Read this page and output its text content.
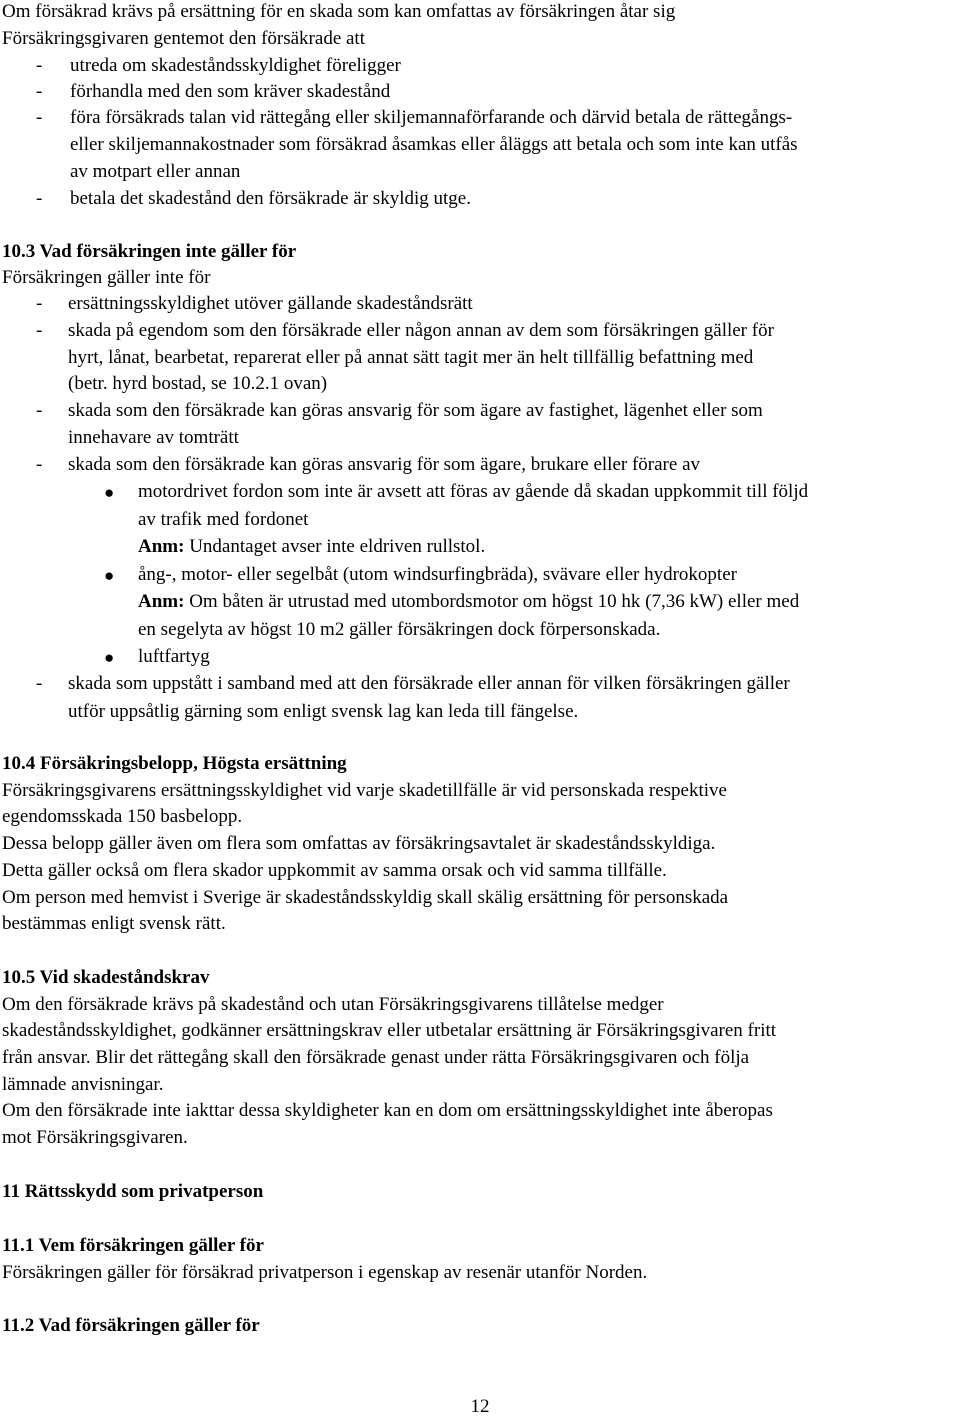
Om försäkrad krävs på ersättning för en skada som kan omfattas av försäkringen åtar sig
Försäkringsgivaren gentemot den försäkrade att
- utreda om skadeståndsskyldighet föreligger
- förhandla med den som kräver skadestånd
- föra försäkrads talan vid rättegång eller skiljemannaförfarande och därvid betala de rättegångs-
eller skiljemannakostnader som försäkrad åsamkas eller åläggs att betala och som inte kan utfås
av motpart eller annan
- betala det skadestånd den försäkrade är skyldig utge.
10.3 Vad försäkringen inte gäller för
Försäkringen gäller inte för
- ersättningsskyldighet utöver gällande skadeståndsrätt
- skada på egendom som den försäkrade eller någon annan av dem som försäkringen gäller för
hyrt, lånat, bearbetat, reparerat eller på annat sätt tagit mer än helt tillfällig befattning med
(betr. hyrd bostad, se 10.2.1 ovan)
- skada som den försäkrade kan göras ansvarig för som ägare av fastighet, lägenhet eller som
innehavare av tomträtt
- skada som den försäkrade kan göras ansvarig för som ägare, brukare eller förare av
● motordrivet fordon som inte är avsett att föras av gående då skadan uppkommit till följd
av trafik med fordonet
Anm: Undantaget avser inte eldriven rullstol.
● ång-, motor- eller segelbåt (utom windsurfingbräda), svävare eller hydrokopter
Anm: Om båten är utrustad med utombordsmotor om högst 10 hk (7,36 kW) eller med
en segelyta av högst 10 m2 gäller försäkringen dock förpersonskada.
● luftfartyg
- skada som uppstått i samband med att den försäkrade eller annan för vilken försäkringen gäller
utför uppsåtlig gärning som enligt svensk lag kan leda till fängelse.
10.4 Försäkringsbelopp, Högsta ersättning
Försäkringsgivarens ersättningsskyldighet vid varje skadetillfälle är vid personskada respektive
egendomsskada 150 basbelopp.
Dessa belopp gäller även om flera som omfattas av försäkringsavtalet är skadeståndsskyldiga.
Detta gäller också om flera skador uppkommit av samma orsak och vid samma tillfälle.
Om person med hemvist i Sverige är skadeståndsskyldig skall skälig ersättning för personskada
bestämmas enligt svensk rätt.
10.5 Vid skadeståndskrav
Om den försäkrade krävs på skadestånd och utan Försäkringsgivarens tillåtelse medger
skadeståndsskyldighet, godkänner ersättningskrav eller utbetalar ersättning är Försäkringsgivaren fritt
från ansvar. Blir det rättegång skall den försäkrade genast under rätta Försäkringsgivaren och följa
lämnade anvisningar.
Om den försäkrade inte iakttar dessa skyldigheter kan en dom om ersättningsskyldighet inte åberopas
mot Försäkringsgivaren.
11 Rättsskydd som privatperson
11.1 Vem försäkringen gäller för
Försäkringen gäller för försäkrad privatperson i egenskap av resenär utanför Norden.
11.2 Vad försäkringen gäller för
12
